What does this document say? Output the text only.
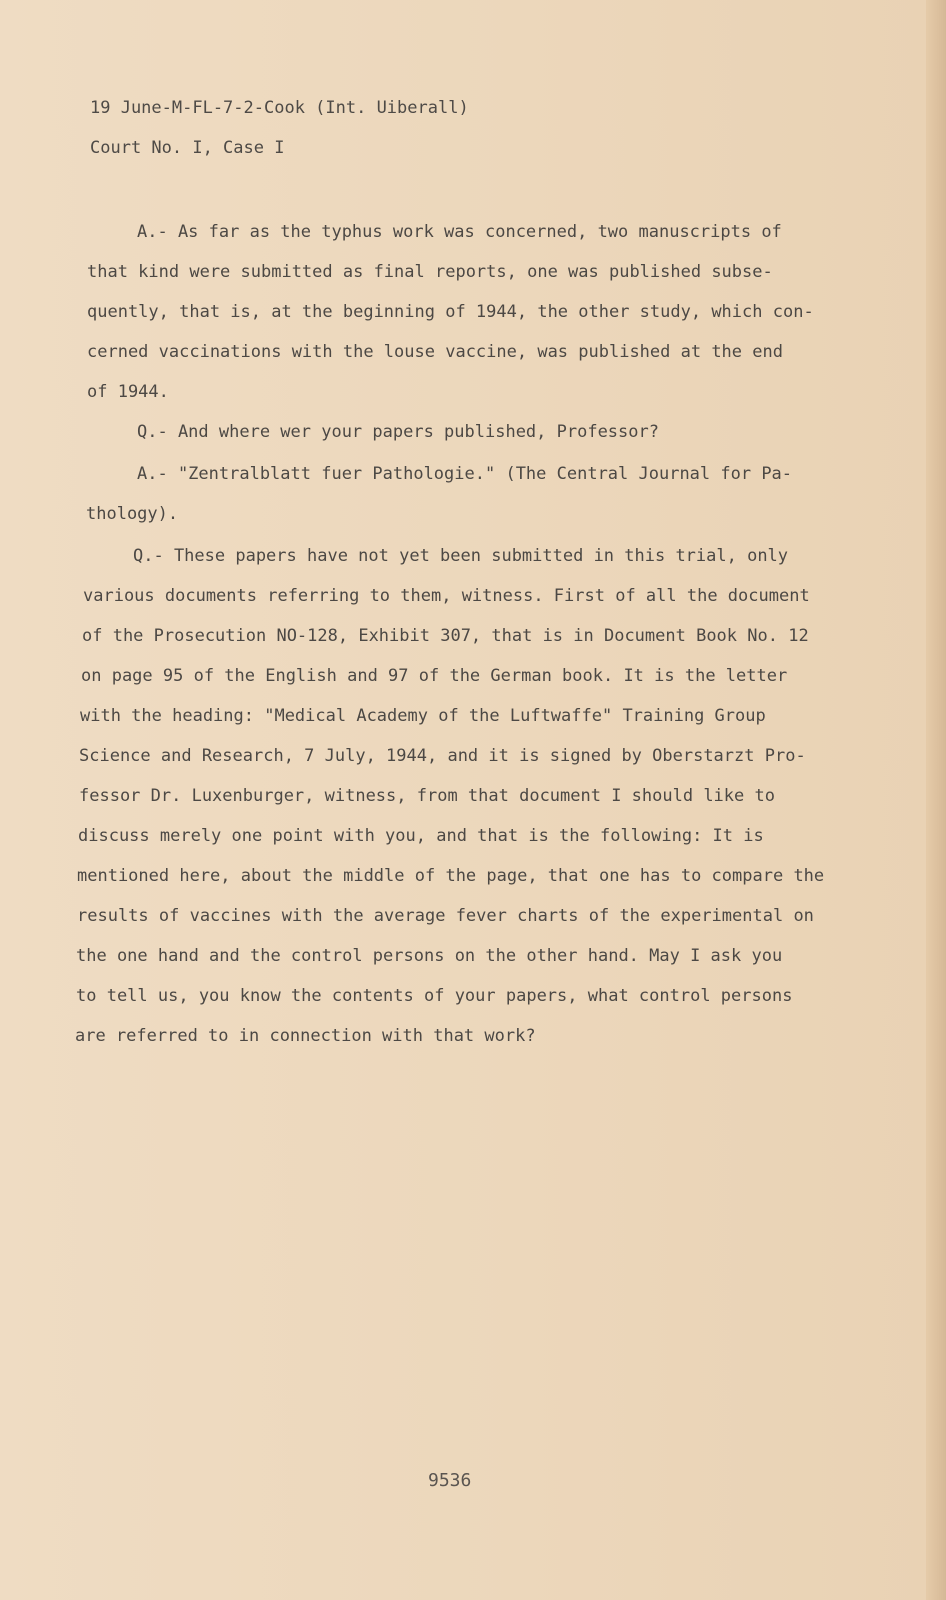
19 June-M-FL-7-2-Cook (Int. Uiberall)
Court No. I, Case I
A.- As far as the typhus work was concerned, two manuscripts of
that kind were submitted as final reports, one was published subse-
quently, that is, at the beginning of 1944, the other study, which con-
cerned vaccinations with the louse vaccine, was published at the end
of 1944.
Q.- And where wer your papers published, Professor?
A.- "Zentralblatt fuer Pathologie." (The Central Journal for Pa-
thology).
Q.- These papers have not yet been submitted in this trial, only
various documents referring to them, witness. First of all the document
of the Prosecution NO-128, Exhibit 307, that is in Document Book No. 12
on page 95 of the English and 97 of the German book. It is the letter
with the heading: "Medical Academy of the Luftwaffe" Training Group
Science and Research, 7 July, 1944, and it is signed by Oberstarzt Pro-
fessor Dr. Luxenburger, witness, from that document I should like to
discuss merely one point with you, and that is the following: It is
mentioned here, about the middle of the page, that one has to compare the
results of vaccines with the average fever charts of the experimental on
the one hand and the control persons on the other hand. May I ask you
to tell us, you know the contents of your papers, what control persons
are referred to in connection with that work?
9536
